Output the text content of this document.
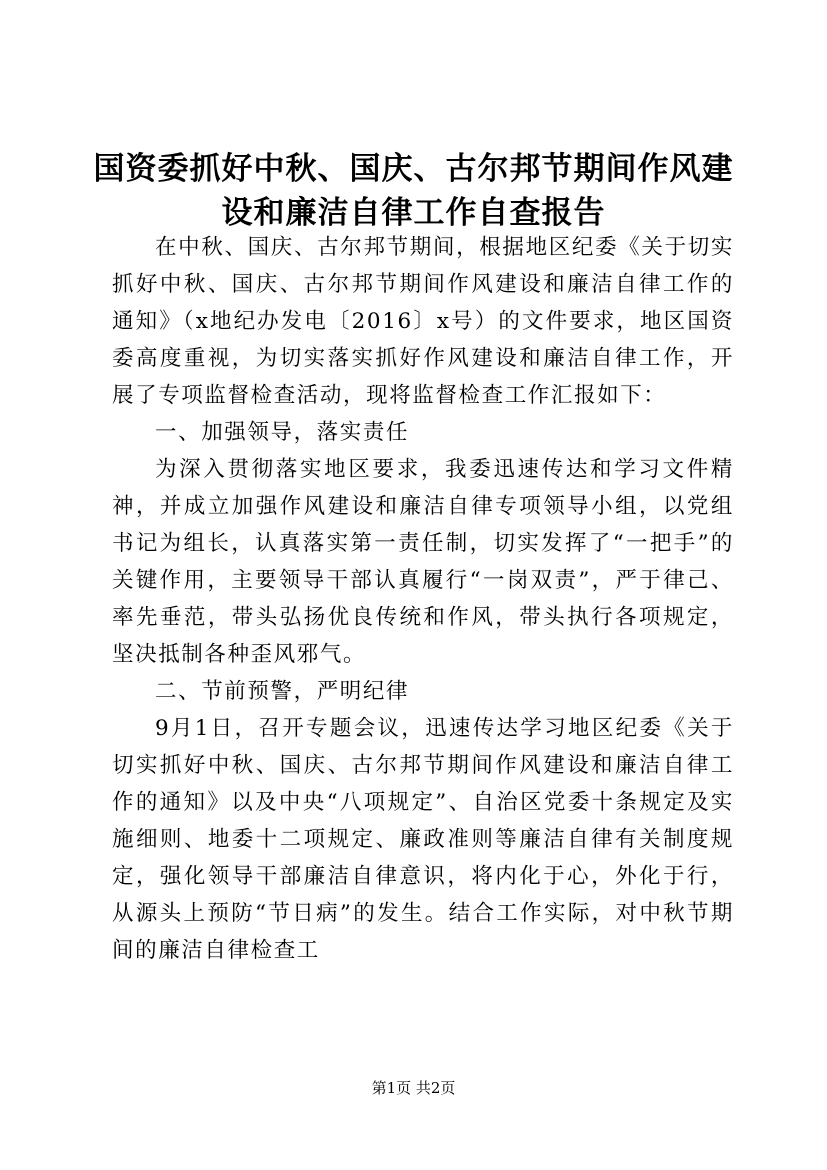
国资委抓好中秋、国庆、古尔邦节期间作风建
设和廉洁自律工作自查报告

在中秋、国庆、古尔邦节期间，根据地区纪委《关于切实抓好中秋、国庆、古尔邦节期间作风建设和廉洁自律工作的通知》（x地纪办发电〔2016〕x号）的文件要求，地区国资委高度重视，为切实落实抓好作风建设和廉洁自律工作，开展了专项监督检查活动，现将监督检查工作汇报如下：

一、加强领导，落实责任

为深入贯彻落实地区要求，我委迅速传达和学习文件精神，并成立加强作风建设和廉洁自律专项领导小组，以党组书记为组长，认真落实第一责任制，切实发挥了“一把手”的关键作用，主要领导干部认真履行“一岗双责”，严于律己、率先垂范，带头弘扬优良传统和作风，带头执行各项规定，坚决抵制各种歪风邪气。

二、节前预警，严明纪律

9月1日，召开专题会议，迅速传达学习地区纪委《关于切实抓好中秋、国庆、古尔邦节期间作风建设和廉洁自律工作的通知》以及中央“八项规定”、自治区党委十条规定及实施细则、地委十二项规定、廉政准则等廉洁自律有关制度规定，强化领导干部廉洁自律意识，将内化于心，外化于行，从源头上预防“节日病”的发生。结合工作实际，对中秋节期间的廉洁自律检查工

第1页 共2页
